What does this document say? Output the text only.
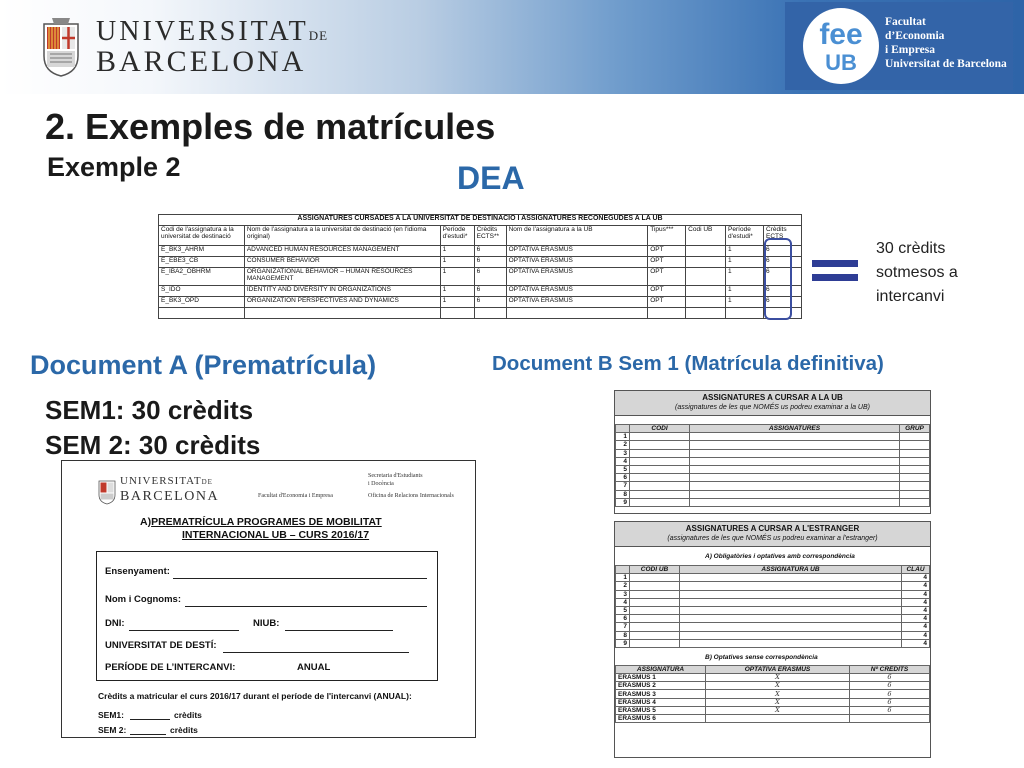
UNIVERSITATDE
BARCELONA
fee
UB
Facultat
d’Economia
i Empresa
Universitat de Barcelona
2. Exemples de matrícules
Exemple 2	DEA
ASSIGNATURES CURSADES A LA UNIVERSITAT DE DESTINACIÓ I ASSIGNATURES RECONEGUDES A LA UB								
Codi de l'assignatura a la universitat de destinació	Nom de l'assignatura a la universitat de destinació (en l'idioma original)	Període d'estudi*	Crèdits ECTS**	Nom de l'assignatura a la UB	Tipus***	Codi UB	Període d'estudi*	Crèdits ECTS
E_BK3_AHRM	ADVANCED HUMAN RESOURCES MANAGEMENT	1	6	OPTATIVA ERASMUS	OPT		1	6
E_EBE3_CB	CONSUMER BEHAVIOR	1	6	OPTATIVA ERASMUS	OPT		1	6
E_IBA2_OBHRM	ORGANIZATIONAL BEHAVIOR – HUMAN RESOURCES MANAGEMENT	1	6	OPTATIVA ERASMUS	OPT		1	6
S_IDO	IDENTITY AND DIVERSITY IN ORGANIZATIONS	1	6	OPTATIVA ERASMUS	OPT		1	6
E_BK3_OPD	ORGANIZATION PERSPECTIVES AND DYNAMICS	1	6	OPTATIVA ERASMUS	OPT		1	6

30 crèdits
sotmesos a
intercanvi
Document A (Prematrícula)	Document B Sem 1 (Matrícula definitiva)
SEM1: 30 crèdits
SEM 2: 30 crèdits
UNIVERSITATDE
BARCELONA	Facultat d'Economia i Empresa
Secretaria d'Estudiants
i Docència
Oficina de Relacions Internacionals
A)PREMATRÍCULA PROGRAMES DE MOBILITAT
INTERNACIONAL UB – CURS 2016/17
Ensenyament:
Nom i Cognoms:
DNI:	NIUB:
UNIVERSITAT DE DESTÍ:
PERÍODE DE L’INTERCANVI:	ANUAL
Crèdits a matricular el curs 2016/17 durant el període de l'intercanvi (ANUAL):
SEM1:	crèdits
SEM 2:	crèdits
ASSIGNATURES A CURSAR A LA UB
(assignatures de les que NOMÉS us podreu examinar a la UB)
	CODI	ASSIGNATURES	GRUP
1			
2			
3			
4			
5			
6			
7			
8			
9			
ASSIGNATURES A CURSAR A L'ESTRANGER
(assignatures de les que NOMÉS us podreu examinar a l'estranger)
A) Obligatòries i optatives amb correspondència
	CODI UB	ASSIGNATURA UB	CLAU
1			4
2			4
3			4
4			4
5			4
6			4
7			4
8			4
9			4
B) Optatives sense correspondència
ASSIGNATURA	OPTATIVA ERASMUS	Nº CRÈDITS
ERASMUS 1	X	6
ERASMUS 2	X	6
ERASMUS 3	X	6
ERASMUS 4	X	6
ERASMUS 5	X	6
ERASMUS 6		
